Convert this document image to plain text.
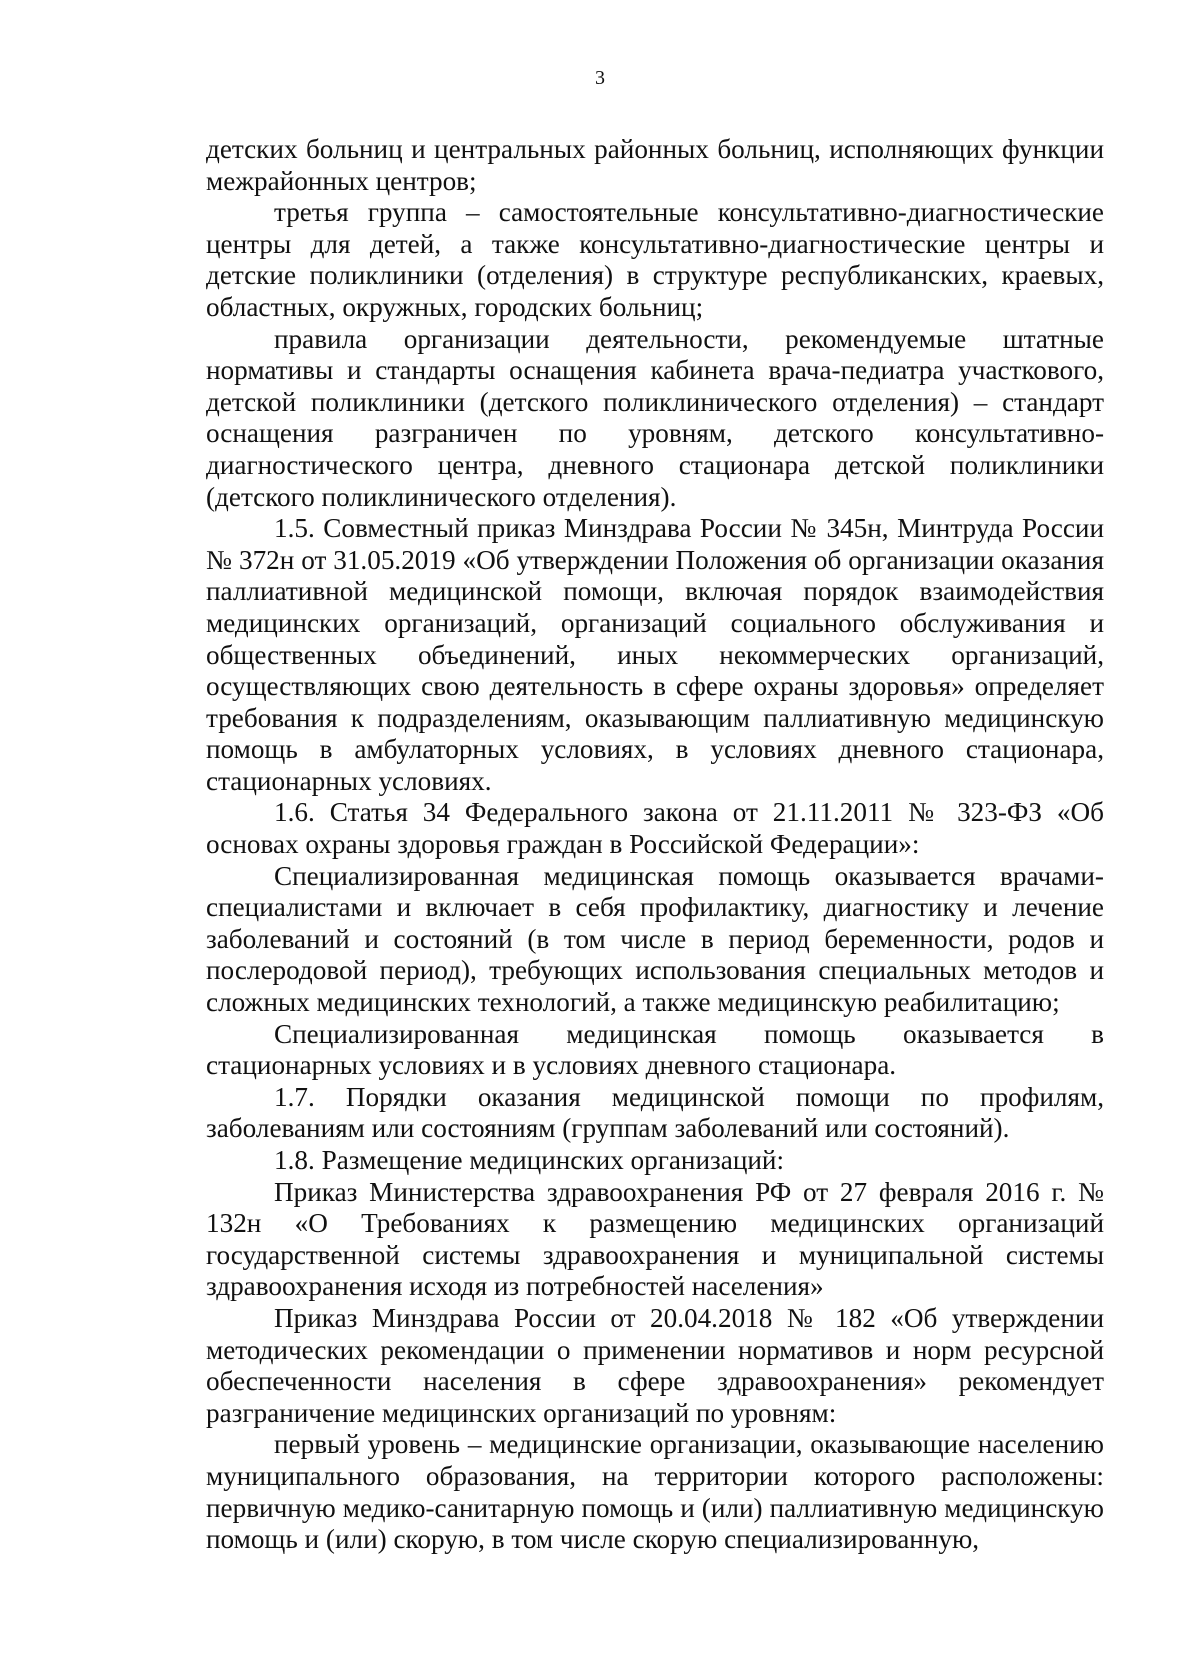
3

детских больниц и центральных районных больниц, исполняющих функции межрайонных центров;

третья группа – самостоятельные консультативно-диагностические центры для детей, а также консультативно-диагностические центры и детские поликлиники (отделения) в структуре республиканских, краевых, областных, окружных, городских больниц;

правила организации деятельности, рекомендуемые штатные нормативы и стандарты оснащения кабинета врача-педиатра участкового, детской поликлиники (детского поликлинического отделения) – стандарт оснащения разграничен по уровням, детского консультативно-диагностического центра, дневного стационара детской поликлиники (детского поликлинического отделения).

1.5. Совместный приказ Минздрава России № 345н, Минтруда России № 372н от 31.05.2019 «Об утверждении Положения об организации оказания паллиативной медицинской помощи, включая порядок взаимодействия медицинских организаций, организаций социального обслуживания и общественных объединений, иных некоммерческих организаций, осуществляющих свою деятельность в сфере охраны здоровья» определяет требования к подразделениям, оказывающим паллиативную медицинскую помощь в амбулаторных условиях, в условиях дневного стационара, стационарных условиях.

1.6. Статья 34 Федерального закона от 21.11.2011 № 323-ФЗ «Об основах охраны здоровья граждан в Российской Федерации»:

Специализированная медицинская помощь оказывается врачами-специалистами и включает в себя профилактику, диагностику и лечение заболеваний и состояний (в том числе в период беременности, родов и послеродовой период), требующих использования специальных методов и сложных медицинских технологий, а также медицинскую реабилитацию;

Специализированная медицинская помощь оказывается в стационарных условиях и в условиях дневного стационара.

1.7. Порядки оказания медицинской помощи по профилям, заболеваниям или состояниям (группам заболеваний или состояний).

1.8. Размещение медицинских организаций:

Приказ Министерства здравоохранения РФ от 27 февраля 2016 г. № 132н «О Требованиях к размещению медицинских организаций государственной системы здравоохранения и муниципальной системы здравоохранения исходя из потребностей населения»

Приказ Минздрава России от 20.04.2018 № 182 «Об утверждении методических рекомендации о применении нормативов и норм ресурсной обеспеченности населения в сфере здравоохранения» рекомендует разграничение медицинских организаций по уровням:

первый уровень – медицинские организации, оказывающие населению муниципального образования, на территории которого расположены: первичную медико-санитарную помощь и (или) паллиативную медицинскую помощь и (или) скорую, в том числе скорую специализированную,
